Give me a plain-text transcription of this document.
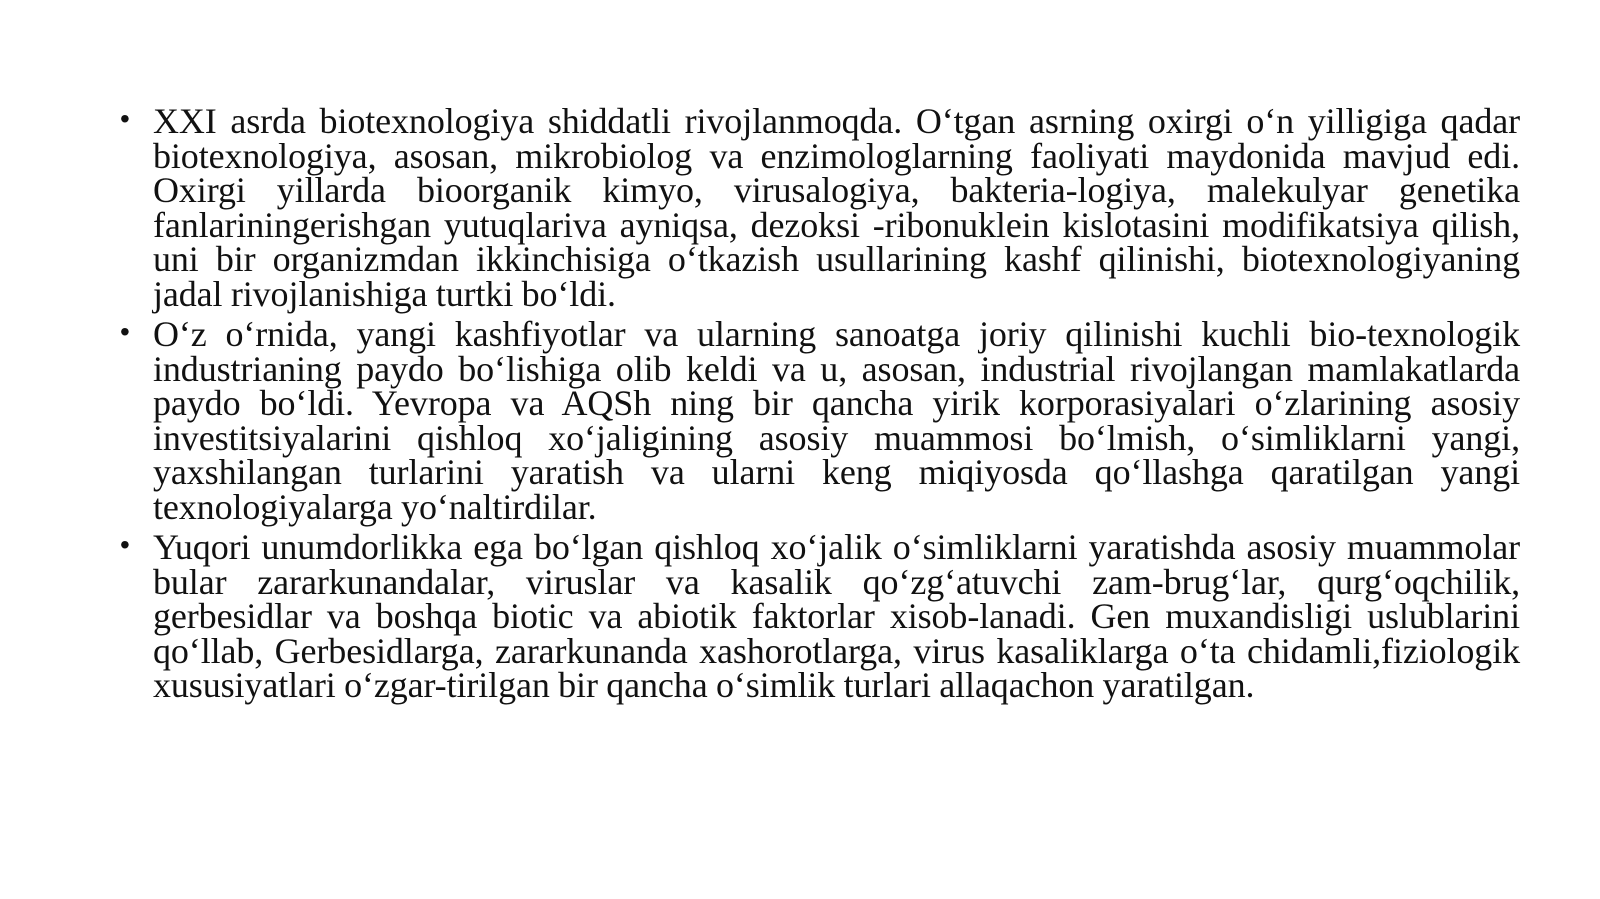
• XXI asrda biotexnologiya shiddatli rivojlanmoqda. O‘tgan asrning oxirgi o‘n yilligiga qadar biotexnologiya, asosan, mikrobiolog va enzimologlarning faoliyati maydonida mavjud edi. Oxirgi yillarda bioorganik kimyo, virusalogiya, bakteria-logiya, malekulyar genetika fanlariningerishgan yutuqlariva ayniqsa, dezoksi -ribonuklein kislotasini modifikatsiya qilish, uni bir organizmdan ikkinchisiga o‘tkazish usullarining kashf qilinishi, biotexnologiyaning jadal rivojlanishiga turtki bo‘ldi.
• O‘z o‘rnida, yangi kashfiyotlar va ularning sanoatga joriy qilinishi kuchli bio-texnologik industrianing paydo bo‘lishiga olib keldi va u, asosan, industrial rivojlangan mamlakatlarda paydo bo‘ldi. Yevropa va AQSh ning bir qancha yirik korporasiyalari o‘zlarining asosiy investitsiyalarini qishloq xo‘jaligining asosiy muammosi bo‘lmish, o‘simliklarni yangi, yaxshilangan turlarini yaratish va ularni keng miqiyosda qo‘llashga qaratilgan yangi texnologiyalarga yo‘naltirdilar.
• Yuqori unumdorlikka ega bo‘lgan qishloq xo‘jalik o‘simliklarni yaratishda asosiy muammolar bular zararkunandalar, viruslar va kasalik qo‘zg‘atuvchi zam-brug‘lar, qurg‘oqchilik, gerbesidlar va boshqa biotic va abiotik faktorlar xisob-lanadi. Gen muxandisligi uslublarini qo‘llab, Gerbesidlarga, zararkunanda xashorotlarga, virus kasaliklarga o‘ta chidamli,fiziologik xususiyatlari o‘zgar-tirilgan bir qancha o‘simlik turlari allaqachon yaratilgan.
